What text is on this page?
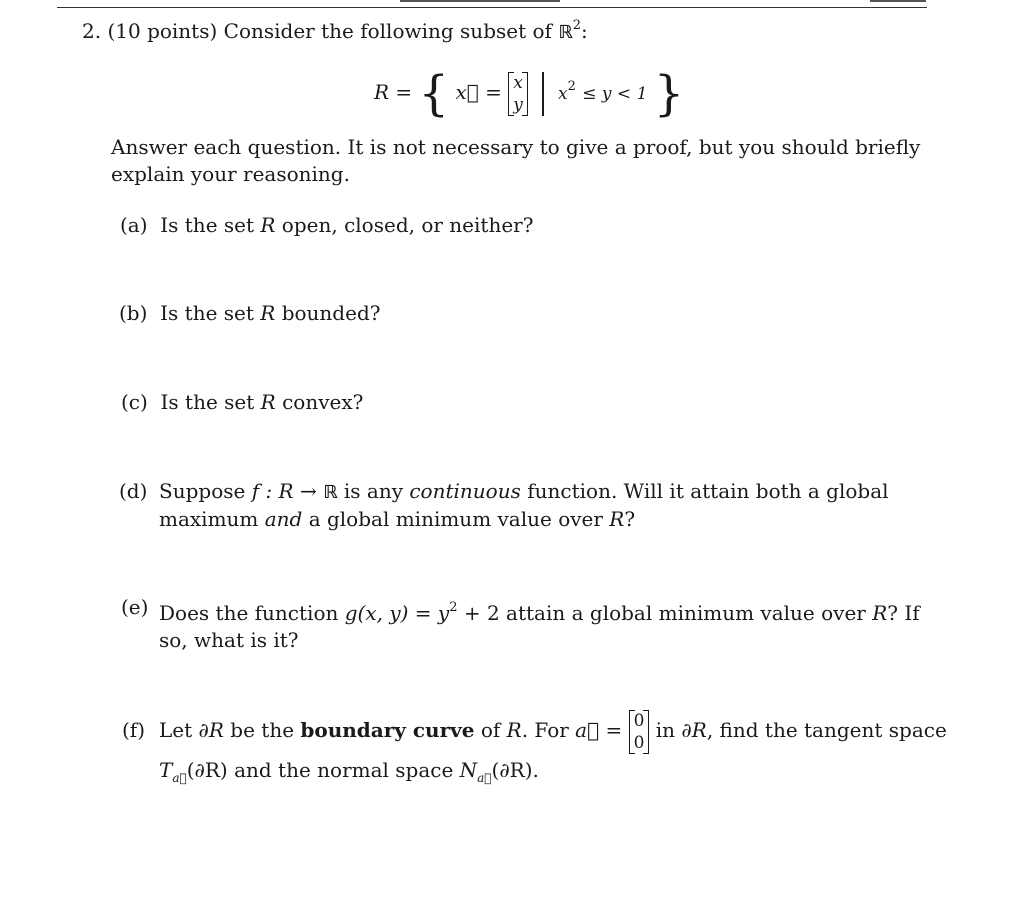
2. (10 points) Consider the following subset of ℝ$^2$:
R = { x⃗ = x
y
$x^2 \le y < 1$ }
Answer each question. It is not necessary to give a proof, but you should briefly explain your reasoning.
(a) Is the set R open, closed, or neither?
(b) Is the set R bounded?
(c) Is the set R convex?
(d) Suppose f : R → ℝ is any continuous function. Will it attain both a global maximum and a global minimum value over R?
(e) Does the function g(x, $y) = y^2 + 2$ attain a global minimum value over R? If so, what is it?
(f) Let ∂R be the boundary curve of R. For a⃗ = 0
0
in ∂R, find the tangent space
$T_{a⃗}(\partial R)$ and the normal space $N_{a⃗}(\partial R)$.
